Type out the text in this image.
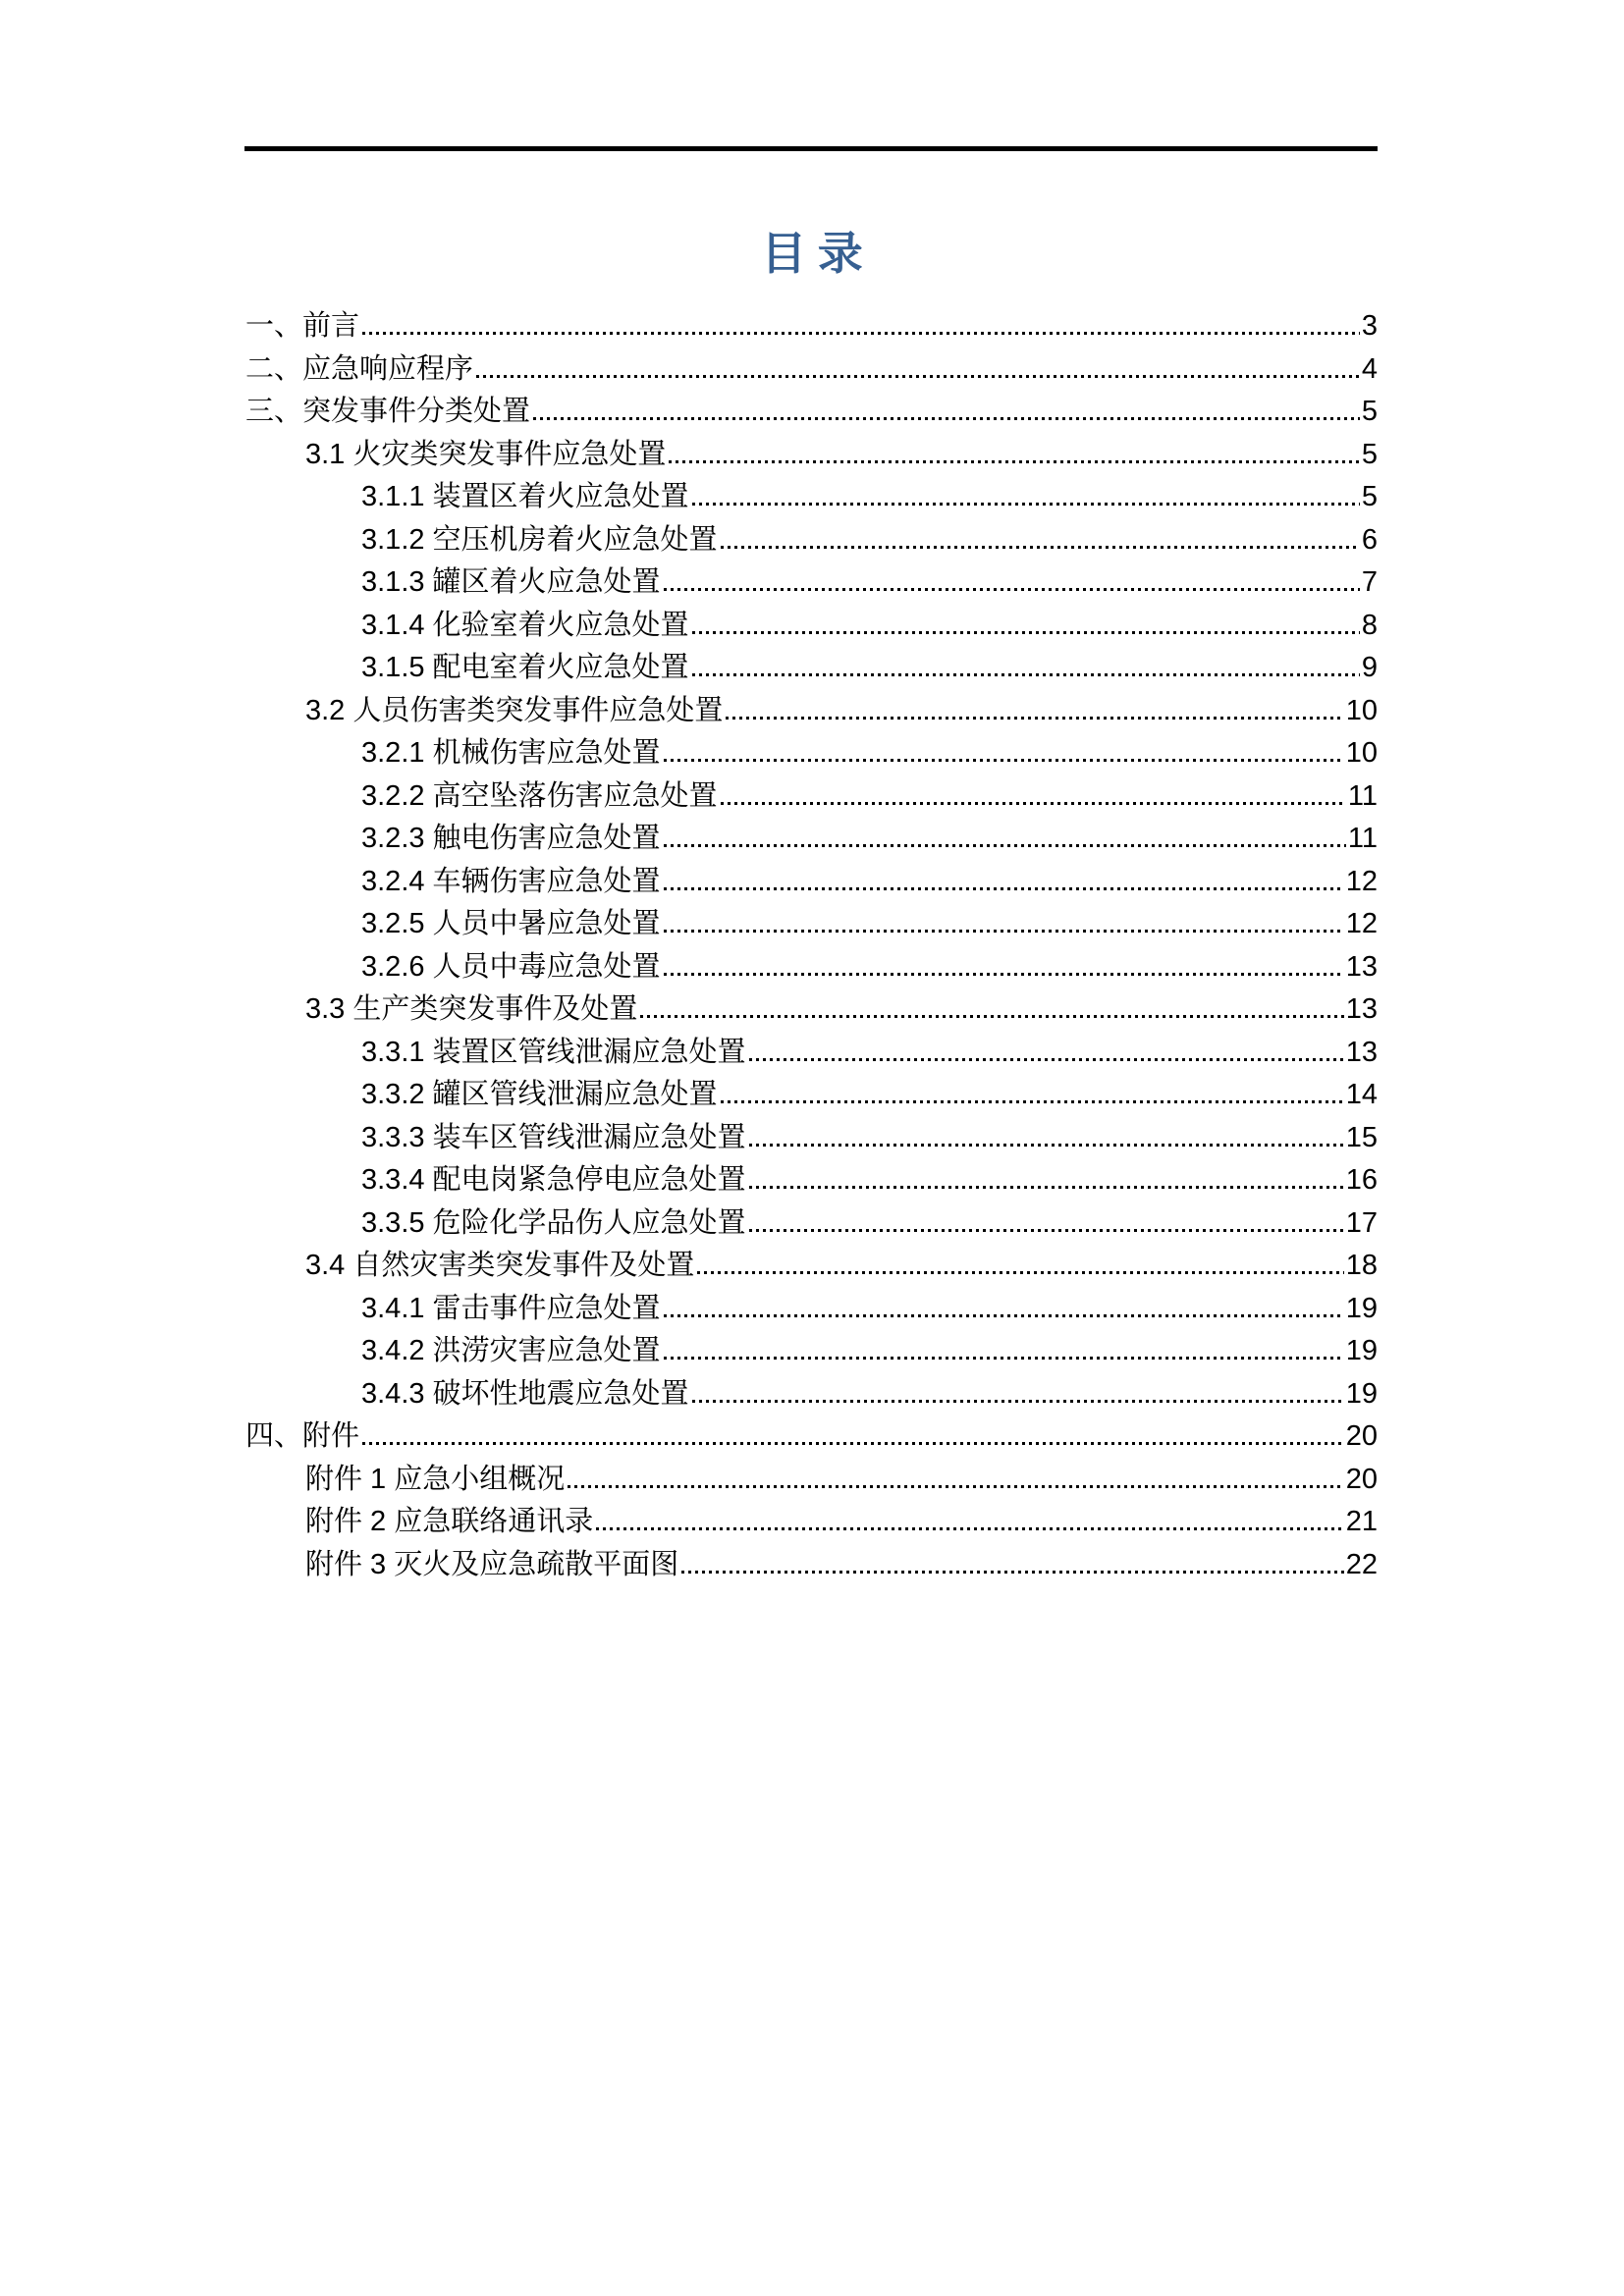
目 录
一、前言	3
二、应急响应程序	4
三、突发事件分类处置	5
3.1 火灾类突发事件应急处置	5
3.1.1 装置区着火应急处置	5
3.1.2 空压机房着火应急处置	6
3.1.3 罐区着火应急处置	7
3.1.4 化验室着火应急处置	8
3.1.5 配电室着火应急处置	9
3.2 人员伤害类突发事件应急处置	10
3.2.1 机械伤害应急处置	10
3.2.2 高空坠落伤害应急处置	11
3.2.3 触电伤害应急处置	11
3.2.4 车辆伤害应急处置	12
3.2.5 人员中暑应急处置	12
3.2.6 人员中毒应急处置	13
3.3 生产类突发事件及处置	13
3.3.1 装置区管线泄漏应急处置	13
3.3.2 罐区管线泄漏应急处置	14
3.3.3 装车区管线泄漏应急处置	15
3.3.4 配电岗紧急停电应急处置	16
3.3.5 危险化学品伤人应急处置	17
3.4 自然灾害类突发事件及处置	18
3.4.1 雷击事件应急处置	19
3.4.2 洪涝灾害应急处置	19
3.4.3 破坏性地震应急处置	19
四、附件	20
附件 1 应急小组概况	20
附件 2 应急联络通讯录	21
附件 3 灭火及应急疏散平面图	22
